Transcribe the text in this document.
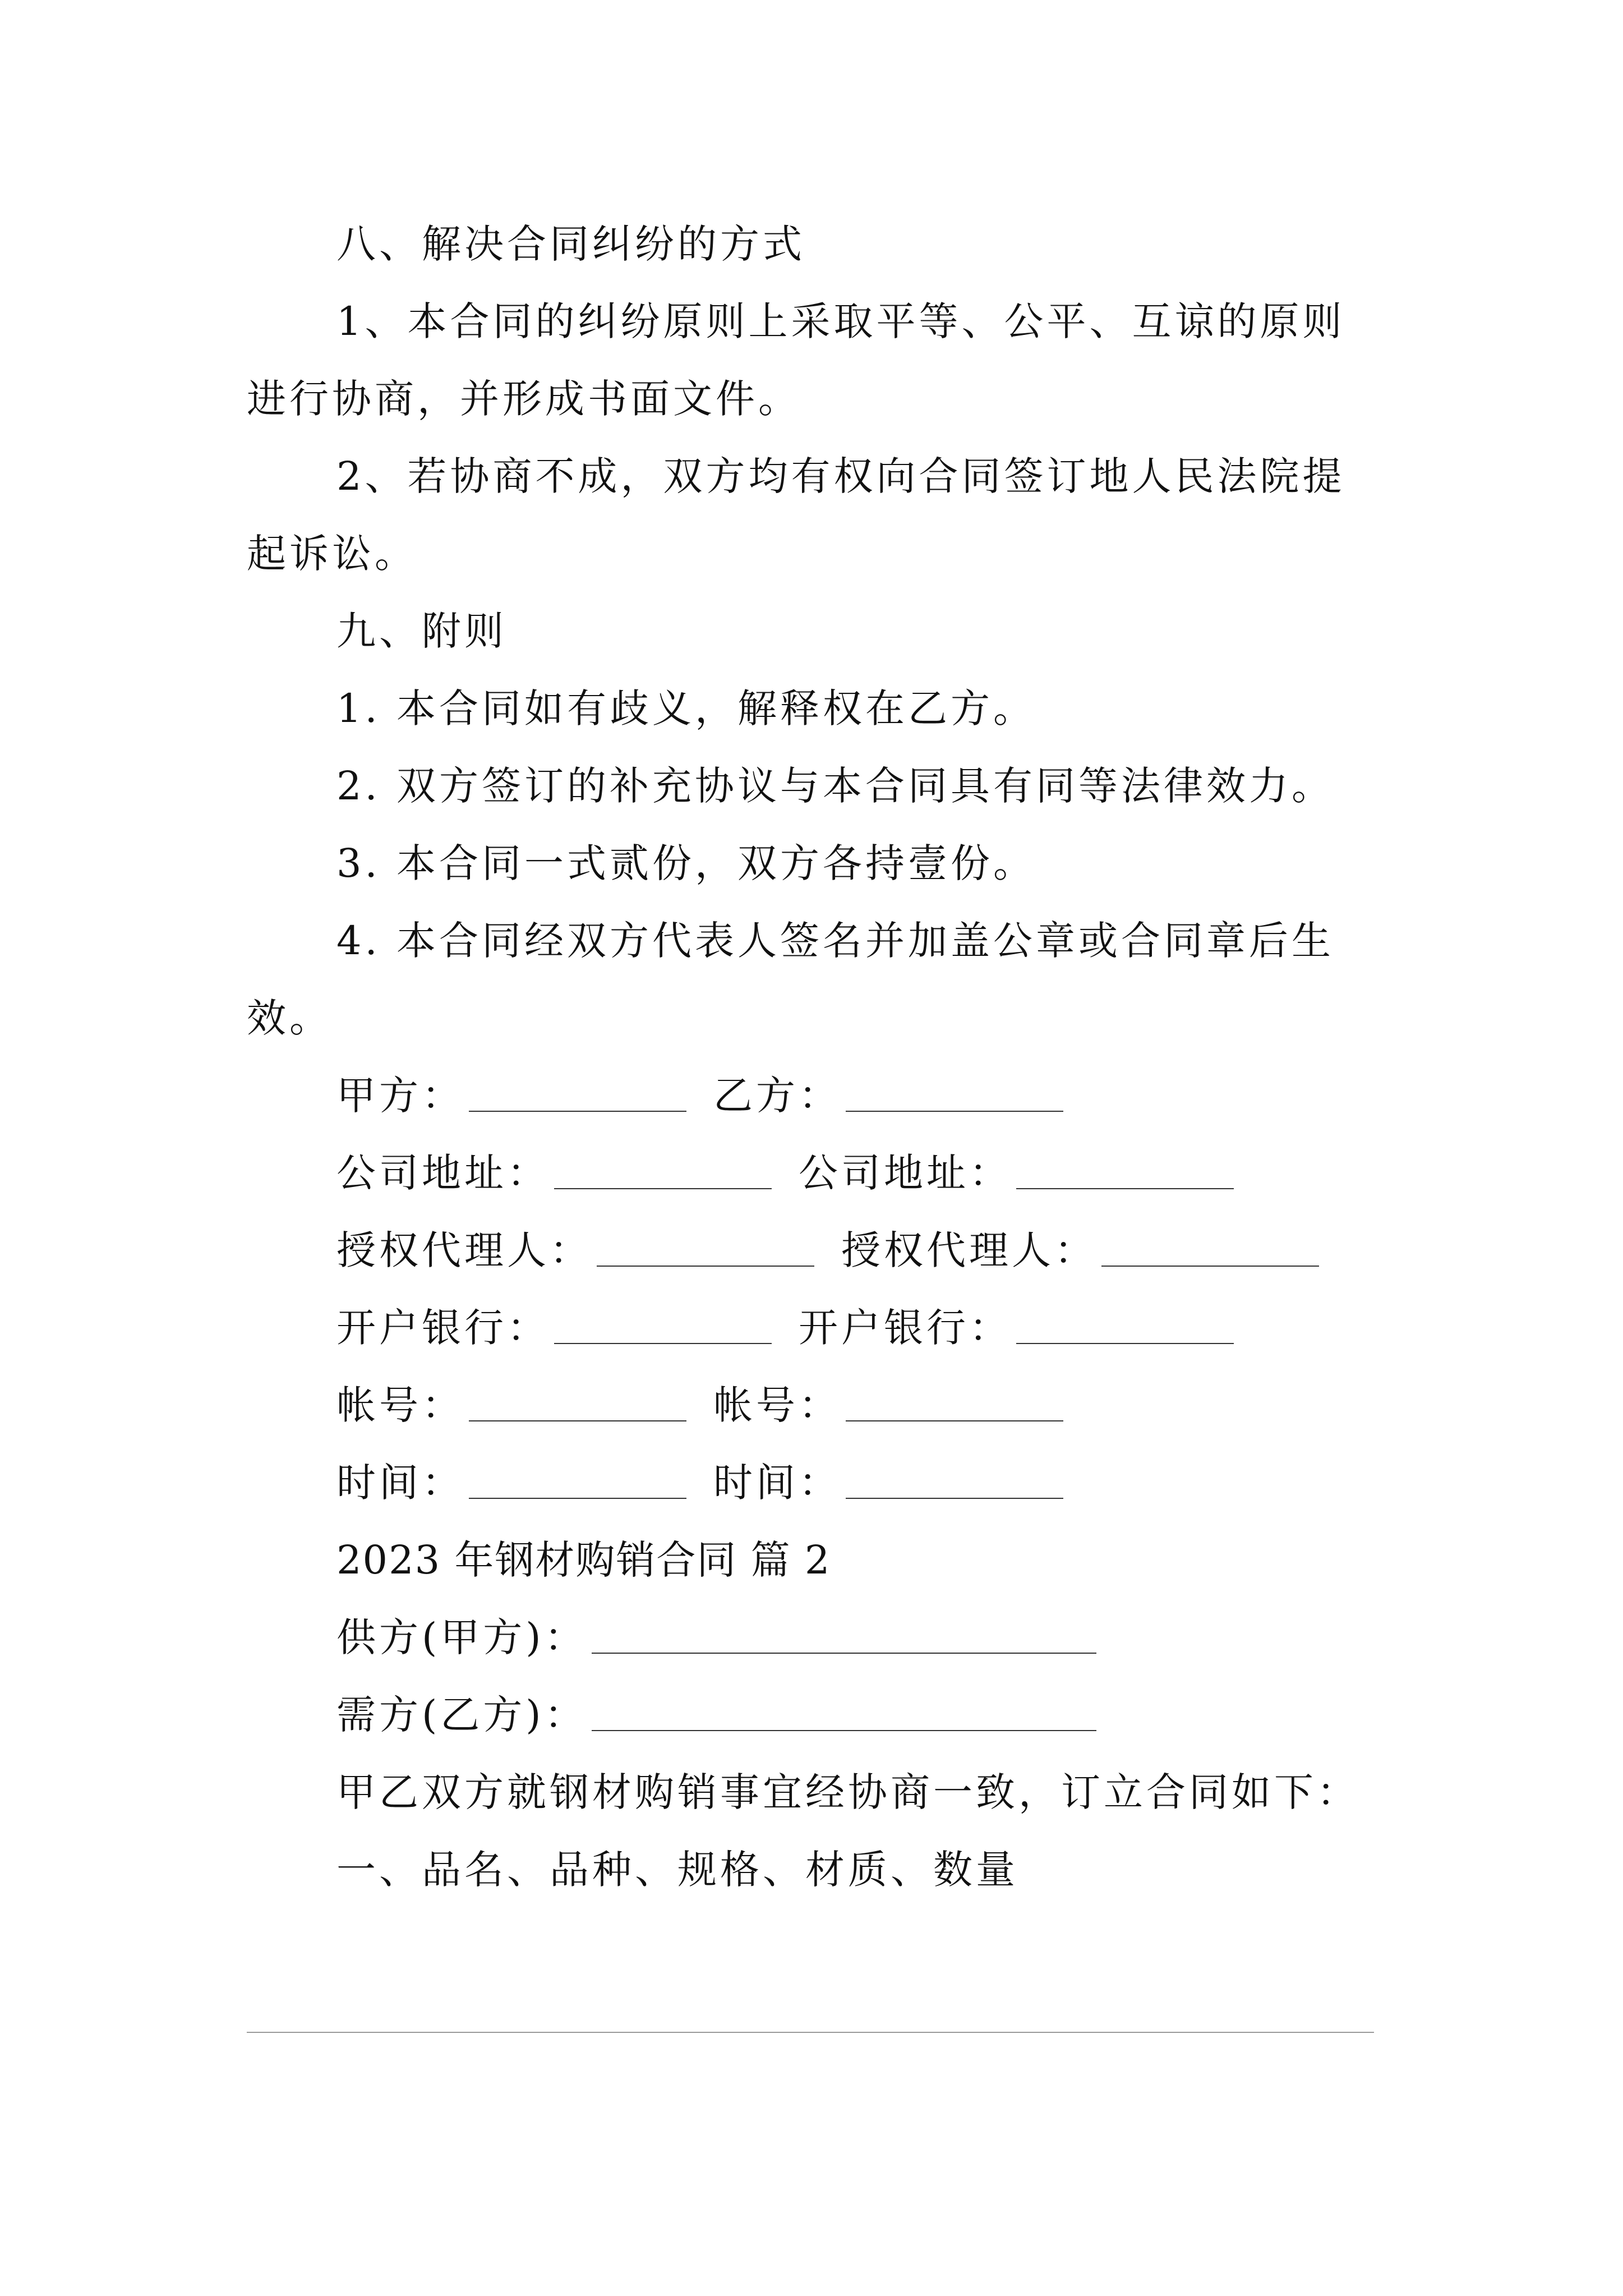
八、解决合同纠纷的方式
1、本合同的纠纷原则上采取平等、公平、互谅的原则
进行协商，并形成书面文件。
2、若协商不成，双方均有权向合同签订地人民法院提
起诉讼。
九、附则
1. 本合同如有歧义，解释权在乙方。
2. 双方签订的补充协议与本合同具有同等法律效力。
3. 本合同一式贰份，双方各持壹份。
4. 本合同经双方代表人签名并加盖公章或合同章后生
效。
甲方：	乙方：
公司地址：	公司地址：
授权代理人：	授权代理人：
开户银行：	开户银行：
帐号：	帐号：
时间：	时间：
2023 年钢材购销合同 篇 2
供方(甲方)：
需方(乙方)：
甲乙双方就钢材购销事宜经协商一致，订立合同如下：
一、品名、品种、规格、材质、数量
